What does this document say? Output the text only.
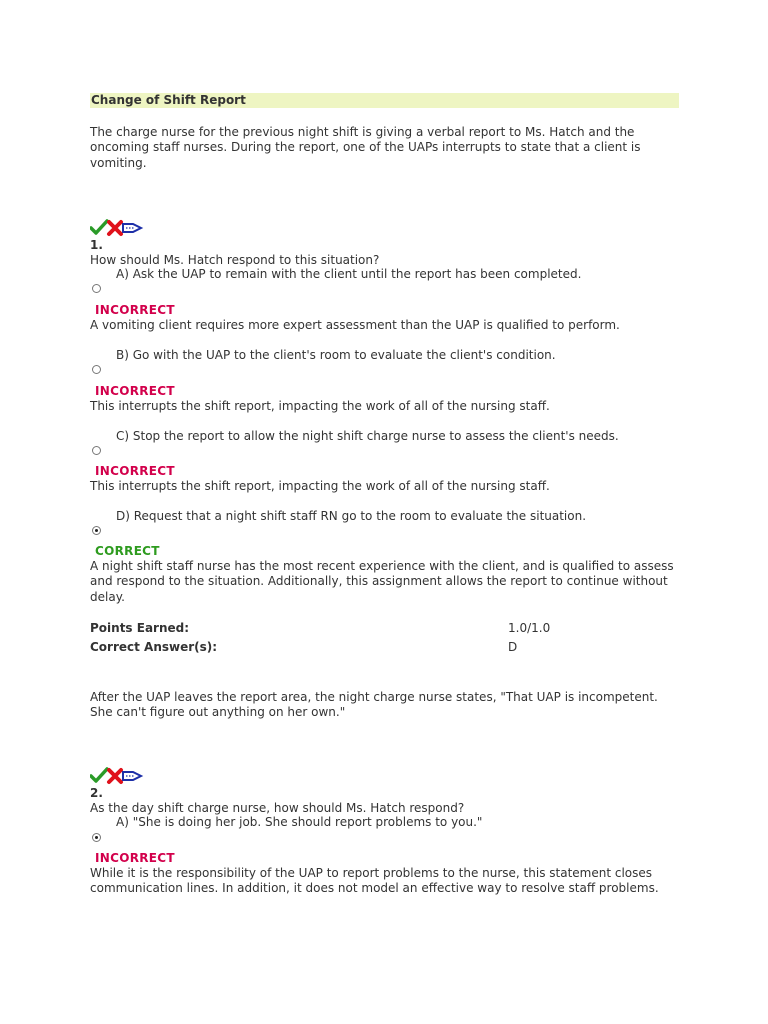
Change of Shift Report
The charge nurse for the previous night shift is giving a verbal report to Ms. Hatch and the
oncoming staff nurses. During the report, one of the UAPs interrupts to state that a client is
vomiting.
1.
How should Ms. Hatch respond to this situation?
A) Ask the UAP to remain with the client until the report has been completed.
INCORRECT
A vomiting client requires more expert assessment than the UAP is qualified to perform.
B) Go with the UAP to the client's room to evaluate the client's condition.
INCORRECT
This interrupts the shift report, impacting the work of all of the nursing staff.
C) Stop the report to allow the night shift charge nurse to assess the client's needs.
INCORRECT
This interrupts the shift report, impacting the work of all of the nursing staff.
D) Request that a night shift staff RN go to the room to evaluate the situation.
CORRECT
A night shift staff nurse has the most recent experience with the client, and is qualified to assess
and respond to the situation. Additionally, this assignment allows the report to continue without
delay.
Points Earned:	1.0/1.0
Correct Answer(s):	D
After the UAP leaves the report area, the night charge nurse states, "That UAP is incompetent.
She can't figure out anything on her own."
2.
As the day shift charge nurse, how should Ms. Hatch respond?
A) "She is doing her job. She should report problems to you."
INCORRECT
While it is the responsibility of the UAP to report problems to the nurse, this statement closes
communication lines. In addition, it does not model an effective way to resolve staff problems.
